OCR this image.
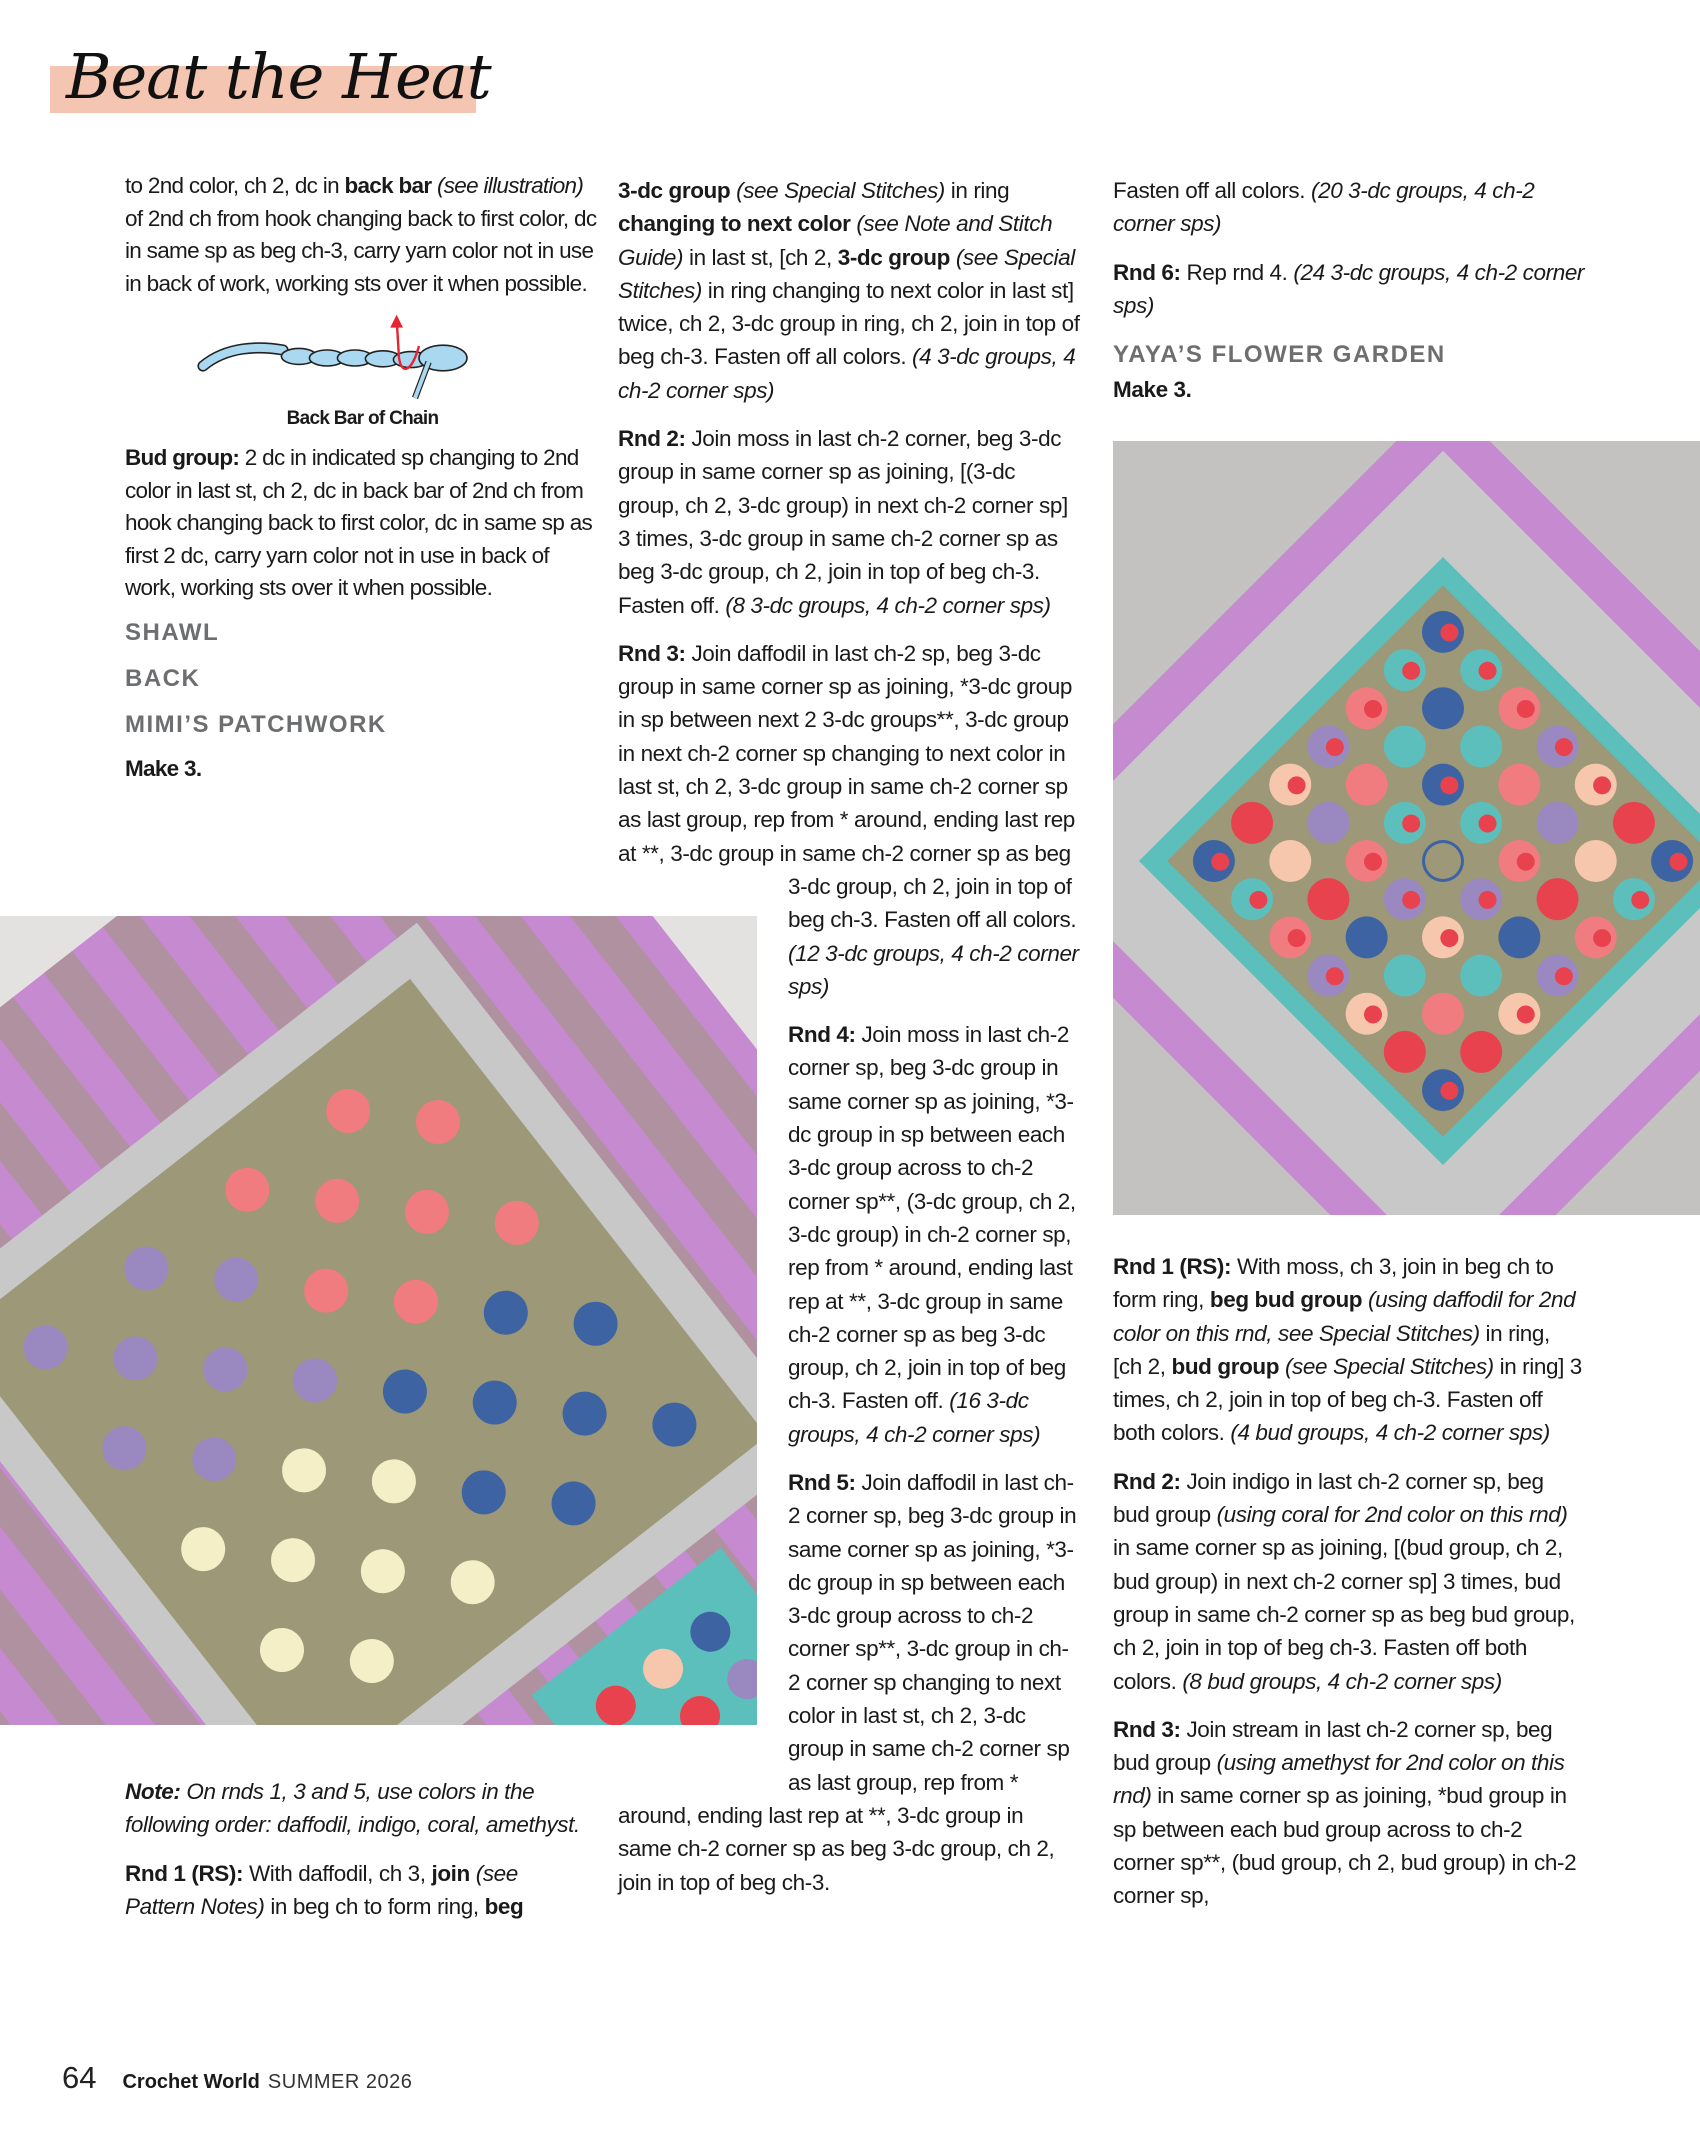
Beat the Heat

to 2nd color, ch 2, dc in back bar (see illustration) of 2nd ch from hook changing back to first color, dc in same sp as beg ch-3, carry yarn color not in use in back of work, working sts over it when possible.

Back Bar of Chain

Bud group: 2 dc in indicated sp changing to 2nd color in last st, ch 2, dc in back bar of 2nd ch from hook changing back to first color, dc in same sp as first 2 dc, carry yarn color not in use in back of work, working sts over it when possible.

SHAWL

BACK

MIMI’S PATCHWORK

Make 3.

Note: On rnds 1, 3 and 5, use colors in the following order: daffodil, indigo, coral, amethyst.

Rnd 1 (RS): With daffodil, ch 3, join (see Pattern Notes) in beg ch to form ring, beg

3-dc group (see Special Stitches) in ring changing to next color (see Note and Stitch Guide) in last st, [ch 2, 3-dc group (see Special Stitches) in ring changing to next color in last st] twice, ch 2, 3-dc group in ring, ch 2, join in top of beg ch-3. Fasten off all colors. (4 3-dc groups, 4 ch-2 corner sps)

Rnd 2: Join moss in last ch-2 corner, beg 3-dc group in same corner sp as joining, [(3-dc group, ch 2, 3-dc group) in next ch-2 corner sp] 3 times, 3-dc group in same ch-2 corner sp as beg 3-dc group, ch 2, join in top of beg ch-3. Fasten off. (8 3-dc groups, 4 ch-2 corner sps)

Rnd 3: Join daffodil in last ch-2 sp, beg 3-dc group in same corner sp as joining, *3-dc group in sp between next 2 3-dc groups**, 3-dc group in next ch-2 corner sp changing to next color in last st, ch 2, 3-dc group in same ch-2 corner sp as last group, rep from * around, ending last rep at **, 3-dc group in same ch-2 corner sp as beg 3-dc group, ch 2, join in top of beg ch-3. Fasten off all colors. (12 3-dc groups, 4 ch-2 corner sps)

Rnd 4: Join moss in last ch-2 corner sp, beg 3-dc group in same corner sp as joining, *3-dc group in sp between each 3-dc group across to ch-2 corner sp**, (3-dc group, ch 2, 3-dc group) in ch-2 corner sp, rep from * around, ending last rep at **, 3-dc group in same ch-2 corner sp as beg 3-dc group, ch 2, join in top of beg ch-3. Fasten off. (16 3-dc groups, 4 ch-2 corner sps)

Rnd 5: Join daffodil in last ch-2 corner sp, beg 3-dc group in same corner sp as joining, *3-dc group in sp between each 3-dc group across to ch-2 corner sp**, 3-dc group in ch-2 corner sp changing to next color in last st, ch 2, 3-dc group in same ch-2 corner sp as last group, rep from * around, ending last rep at **, 3-dc group in same ch-2 corner sp as beg 3-dc group, ch 2, join in top of beg ch-3.

Fasten off all colors. (20 3-dc groups, 4 ch-2 corner sps)

Rnd 6: Rep rnd 4. (24 3-dc groups, 4 ch-2 corner sps)

YAYA’S FLOWER GARDEN

Make 3.

Rnd 1 (RS): With moss, ch 3, join in beg ch to form ring, beg bud group (using daffodil for 2nd color on this rnd, see Special Stitches) in ring, [ch 2, bud group (see Special Stitches) in ring] 3 times, ch 2, join in top of beg ch-3. Fasten off both colors. (4 bud groups, 4 ch-2 corner sps)

Rnd 2: Join indigo in last ch-2 corner sp, beg bud group (using coral for 2nd color on this rnd) in same corner sp as joining, [(bud group, ch 2, bud group) in next ch-2 corner sp] 3 times, bud group in same ch-2 corner sp as beg bud group, ch 2, join in top of beg ch-3. Fasten off both colors. (8 bud groups, 4 ch-2 corner sps)

Rnd 3: Join stream in last ch-2 corner sp, beg bud group (using amethyst for 2nd color on this rnd) in same corner sp as joining, *bud group in sp between each bud group across to ch-2 corner sp**, (bud group, ch 2, bud group) in ch-2 corner sp,

64 Crochet World SUMMER 2026
